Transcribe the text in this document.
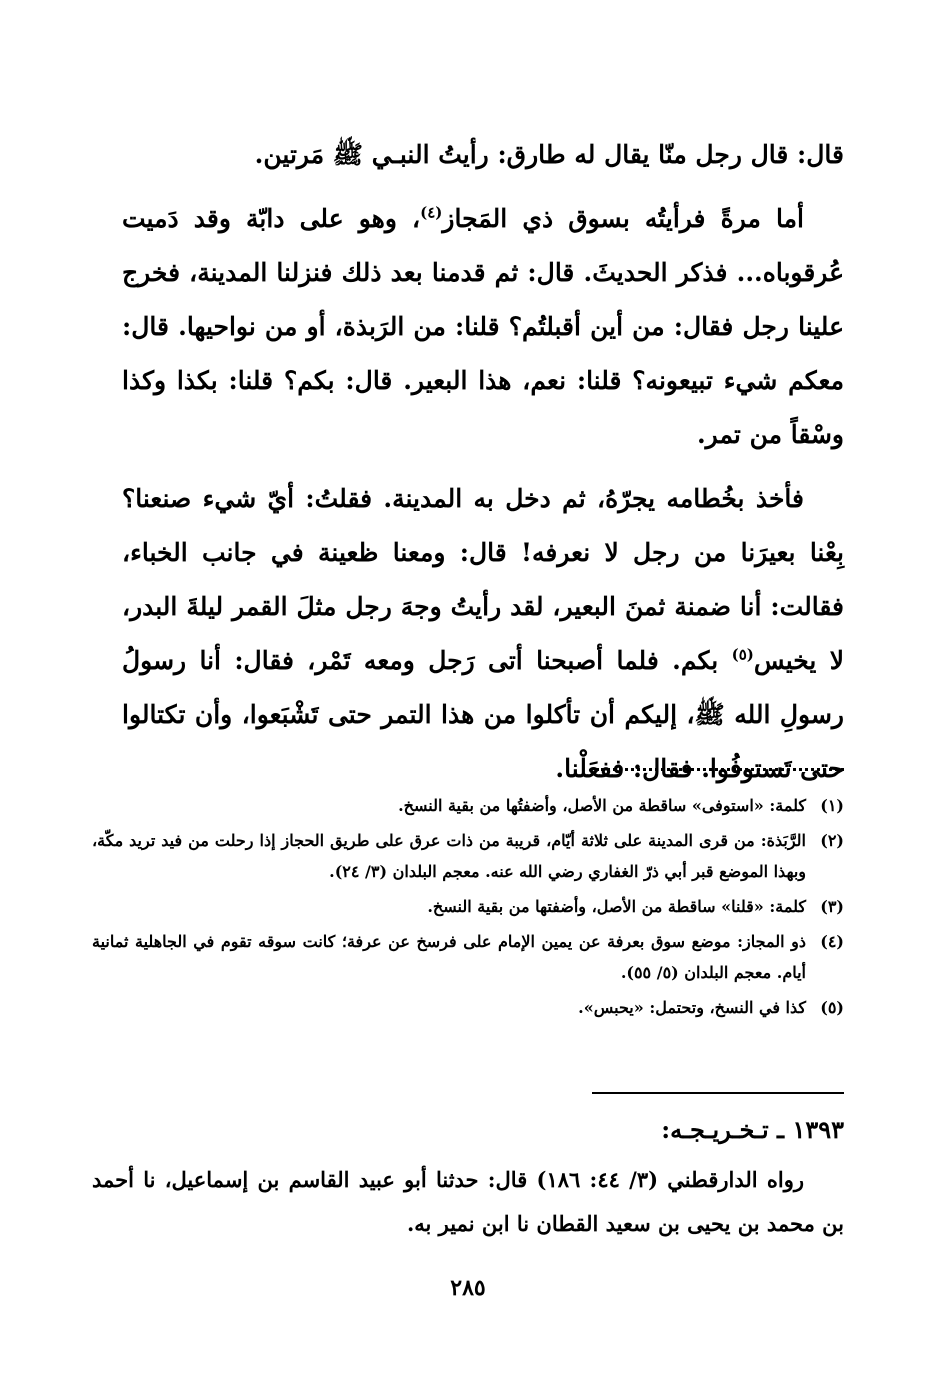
قال: قال رجل منّا يقال له طارق: رأيتُ النبـي ﷺ مَرتين.

أما مرةً فرأيتُه بسوق ذي المَجاز$^{(٤)}$، وهو على دابّة وقد دَميت عُرقوباه... فذكر الحديثَ. قال: ثم قدمنا بعد ذلك فنزلنا المدينة، فخرج علينا رجل فقال: من أين أقبلتُم؟ قلنا: من الرَبذة، أو من نواحيها. قال: معكم شيء تبيعونه؟ قلنا: نعم، هذا البعير. قال: بكم؟ قلنا: بكذا وكذا وسْقاً من تمر.

فأخذ بخُطامه يجرّهُ، ثم دخل به المدينة. فقلتُ: أيّ شيء صنعنا؟ بِعْنا بعيرَنا من رجل لا نعرفه! قال: ومعنا ظعينة في جانب الخباء، فقالت: أنا ضمنة ثمنَ البعير، لقد رأيتُ وجهَ رجل مثلَ القمر ليلةَ البدر، لا يخيس$^{(٥)}$ بكم. فلما أصبحنا أتى رَجل ومعه تَمْر، فقال: أنا رسولُ رسولِ الله ﷺ، إليكم أن تأكلوا من هذا التمر حتى تَشْبَعوا، وأن تكتالوا حتى تَستوفُوا. فقال: ففعَلْنا.

(١)
كلمة: «استوفى» ساقطة من الأصل، وأضفتُها من بقية النسخ.
(٢)
الرَّبَذة: من قرى المدينة على ثلاثة أيّام، قريبة من ذات عرق على طريق الحجاز إذا رحلت من فيد تريد مكّة، وبهذا الموضع قبر أبي ذرّ الغفاري رضي الله عنه. معجم البلدان (٣/ ٢٤).
(٣)
كلمة: «قلنا» ساقطة من الأصل، وأضفتها من بقية النسخ.
(٤)
ذو المجاز: موضع سوق بعرفة عن يمين الإمام على فرسخ عن عرفة؛ كانت سوقه تقوم في الجاهلية ثمانية أيام. معجم البلدان (٥/ ٥٥).
(٥)
كذا في النسخ، وتحتمل: «يحبس».
١٣٩٣ ـ تـخـريـجـه:

رواه الدارقطني (٣/ ٤٤: ١٨٦) قال: حدثنا أبو عبيد القاسم بن إسماعيل، نا أحمد بن محمد بن يحيى بن سعيد القطان نا ابن نمير به.

٢٨٥
